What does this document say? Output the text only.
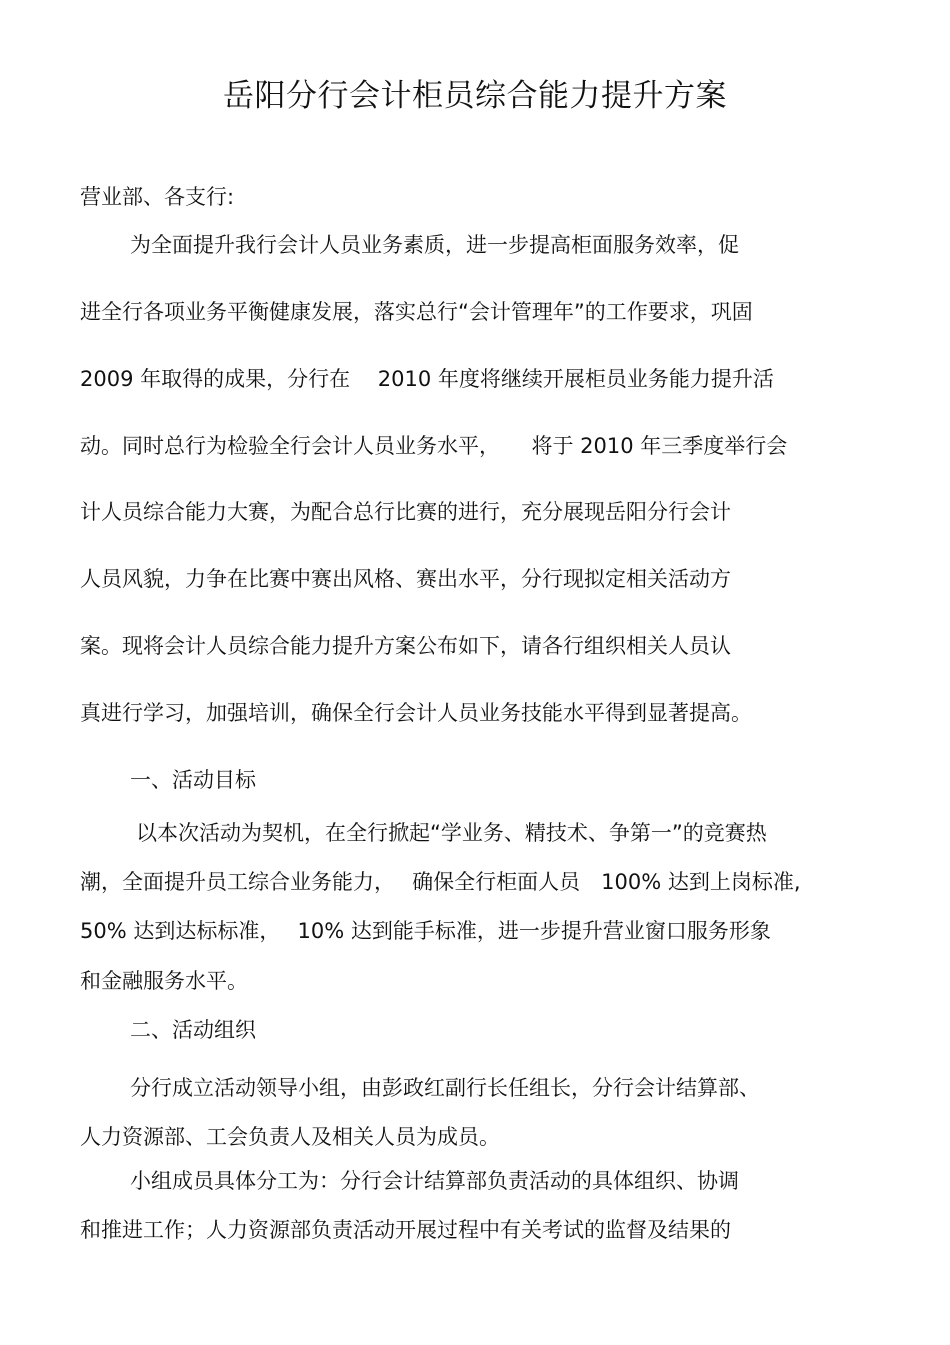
岳阳分行会计柜员综合能力提升方案
营业部、各支行:
为全面提升我行会计人员业务素质，进一步提高柜面服务效率，促
进全行各项业务平衡健康发展，落实总行“会计管理年”的工作要求，巩固
2009 年取得的成果，分行在　 2010 年度将继续开展柜员业务能力提升活
动。同时总行为检验全行会计人员业务水平，　　将于 2010 年三季度举行会
计人员综合能力大赛，为配合总行比赛的进行，充分展现岳阳分行会计
人员风貌，力争在比赛中赛出风格、赛出水平，分行现拟定相关活动方
案。现将会计人员综合能力提升方案公布如下，请各行组织相关人员认
真进行学习，加强培训，确保全行会计人员业务技能水平得到显著提高。
一、活动目标
以本次活动为契机，在全行掀起“学业务、精技术、争第一”的竞赛热
潮，全面提升员工综合业务能力，　 确保全行柜面人员　100% 达到上岗标准,
50% 达到达标标准，　 10% 达到能手标准，进一步提升营业窗口服务形象
和金融服务水平。
二、活动组织
分行成立活动领导小组，由彭政红副行长任组长，分行会计结算部、
人力资源部、工会负责人及相关人员为成员。
小组成员具体分工为：分行会计结算部负责活动的具体组织、协调
和推进工作；人力资源部负责活动开展过程中有关考试的监督及结果的
